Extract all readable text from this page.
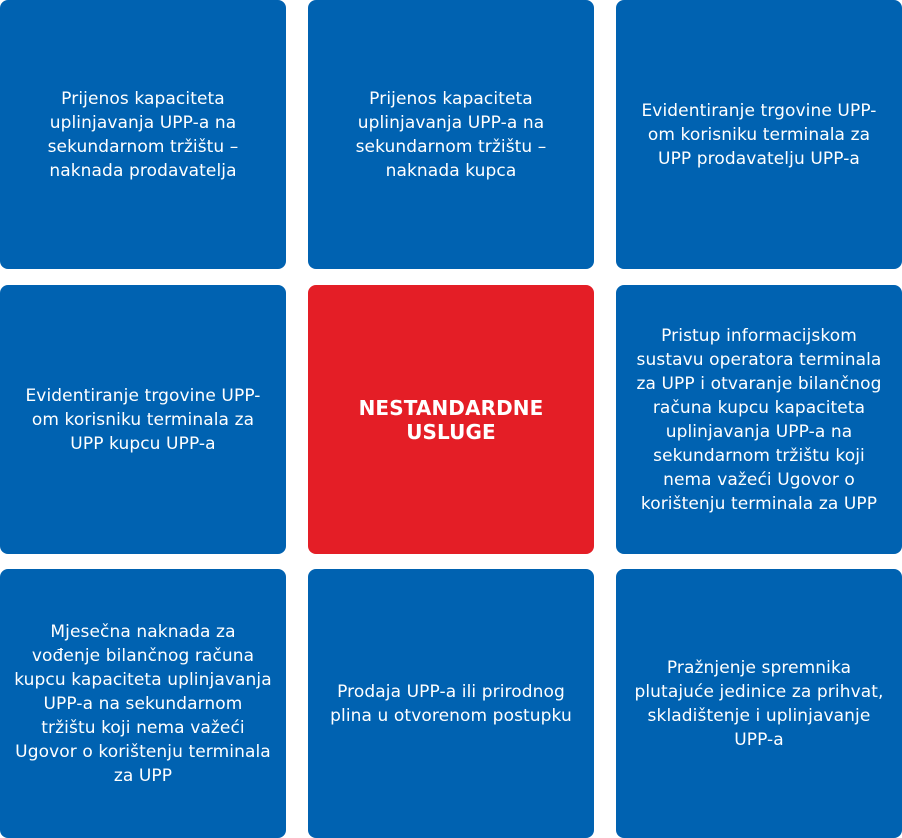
Prijenos kapaciteta uplinjavanja UPP-a na sekundarnom tržištu – naknada prodavatelja
Prijenos kapaciteta uplinjavanja UPP-a na sekundarnom tržištu – naknada kupca
Evidentiranje trgovine UPP-om korisniku terminala za UPP prodavatelju UPP-a
Evidentiranje trgovine UPP-om korisniku terminala za UPP kupcu UPP-a
NESTANDARDNE USLUGE
Pristup informacijskom sustavu operatora terminala za UPP i otvaranje bilančnog računa kupcu kapaciteta uplinjavanja UPP-a na sekundarnom tržištu koji nema važeći Ugovor o korištenju terminala za UPP
Mjesečna naknada za vođenje bilančnog računa kupcu kapaciteta uplinjavanja UPP-a na sekundarnom tržištu koji nema važeći Ugovor o korištenju terminala za UPP
Prodaja UPP-a ili prirodnog plina u otvorenom postupku
Pražnjenje spremnika plutajuće jedinice za prihvat, skladištenje i uplinjavanje UPP-a
